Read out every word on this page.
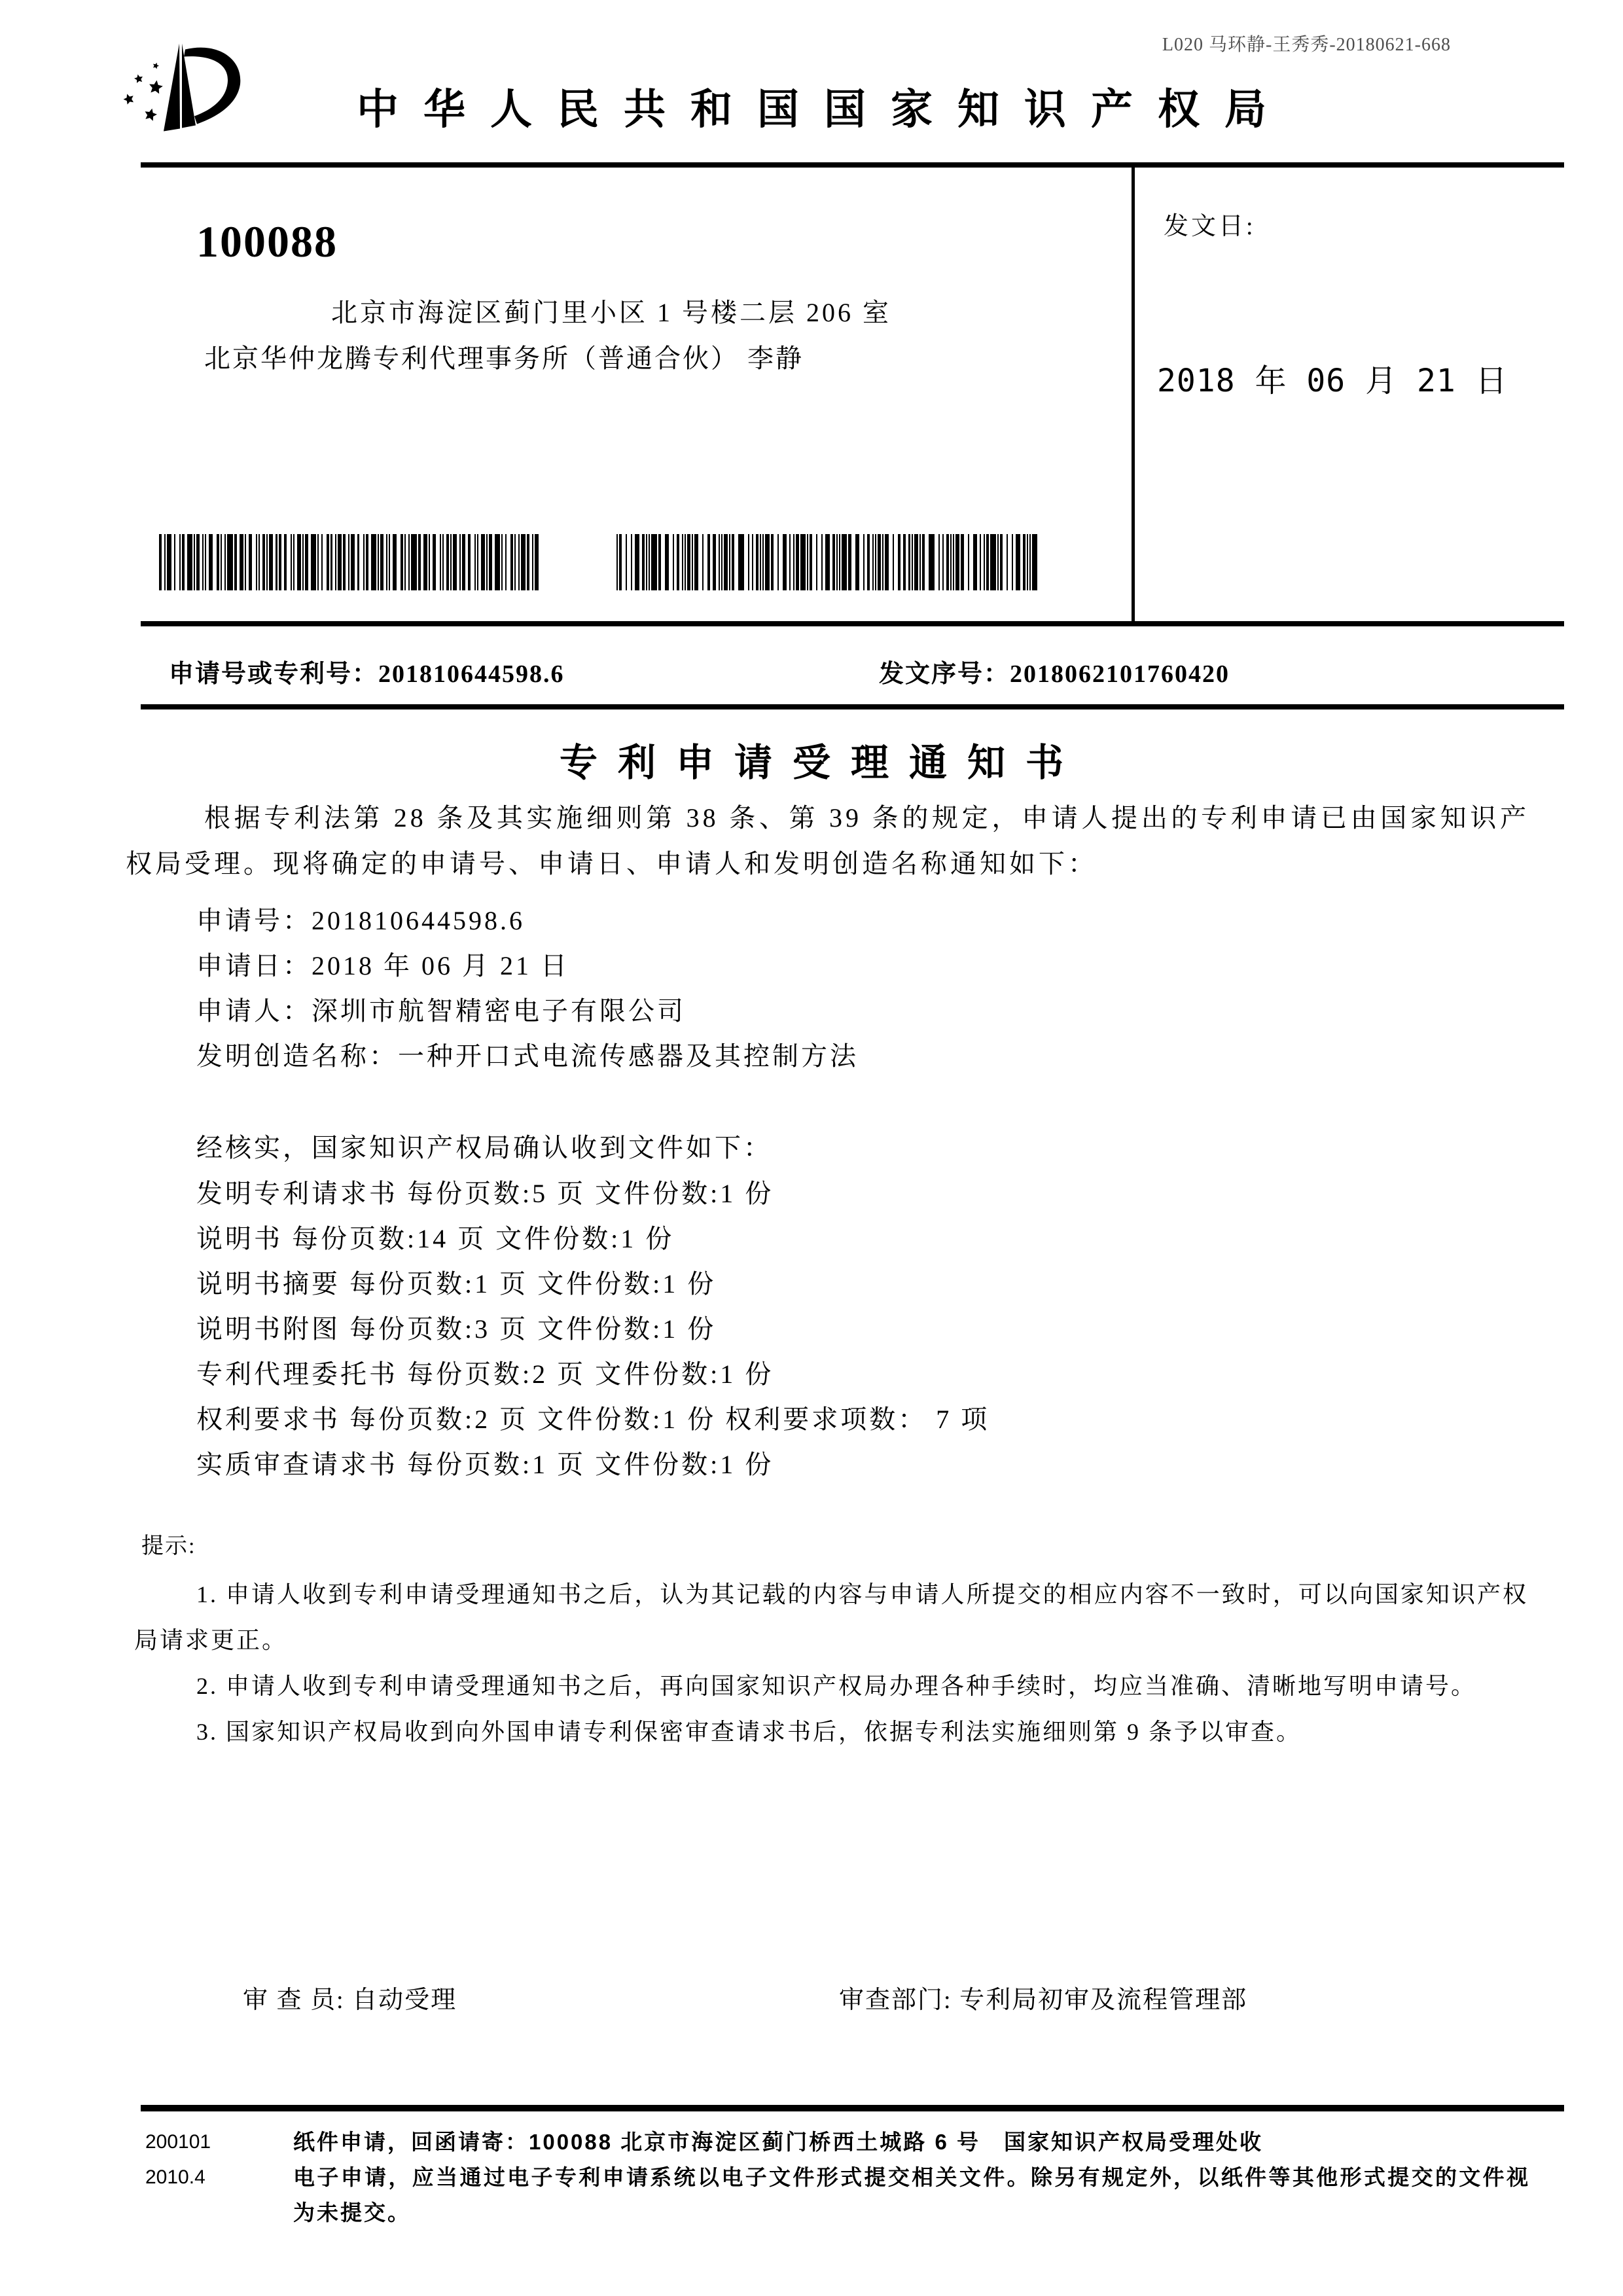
L020 马环静-王秀秀-20180621-668
中华人民共和国国家知识产权局
100088
北京市海淀区蓟门里小区 1 号楼二层 206 室
北京华仲龙腾专利代理事务所（普通合伙） 李静
发文日:
2018 年 06 月 21 日
申请号或专利号：201810644598.6	发文序号：2018062101760420
专利申请受理通知书
根据专利法第 28 条及其实施细则第 38 条、第 39 条的规定，申请人提出的专利申请已由国家知识产权局受理。现将确定的申请号、申请日、申请人和发明创造名称通知如下：
申请号：201810644598.6
申请日：2018 年 06 月 21 日
申请人：深圳市航智精密电子有限公司
发明创造名称：一种开口式电流传感器及其控制方法
经核实，国家知识产权局确认收到文件如下：
发明专利请求书 每份页数:5 页 文件份数:1 份
说明书 每份页数:14 页 文件份数:1 份
说明书摘要 每份页数:1 页 文件份数:1 份
说明书附图 每份页数:3 页 文件份数:1 份
专利代理委托书 每份页数:2 页 文件份数:1 份
权利要求书 每份页数:2 页 文件份数:1 份 权利要求项数： 7 项
实质审查请求书 每份页数:1 页 文件份数:1 份
提示:

1. 申请人收到专利申请受理通知书之后，认为其记载的内容与申请人所提交的相应内容不一致时，可以向国家知识产权局请求更正。

2. 申请人收到专利申请受理通知书之后，再向国家知识产权局办理各种手续时，均应当准确、清晰地写明申请号。

3. 国家知识产权局收到向外国申请专利保密审查请求书后，依据专利法实施细则第 9 条予以审查。

审 查 员: 自动受理	审查部门: 专利局初审及流程管理部
200101
2010.4

纸件申请，回函请寄：100088 北京市海淀区蓟门桥西土城路 6 号　国家知识产权局受理处收

电子申请，应当通过电子专利申请系统以电子文件形式提交相关文件。除另有规定外，以纸件等其他形式提交的文件视为未提交。
